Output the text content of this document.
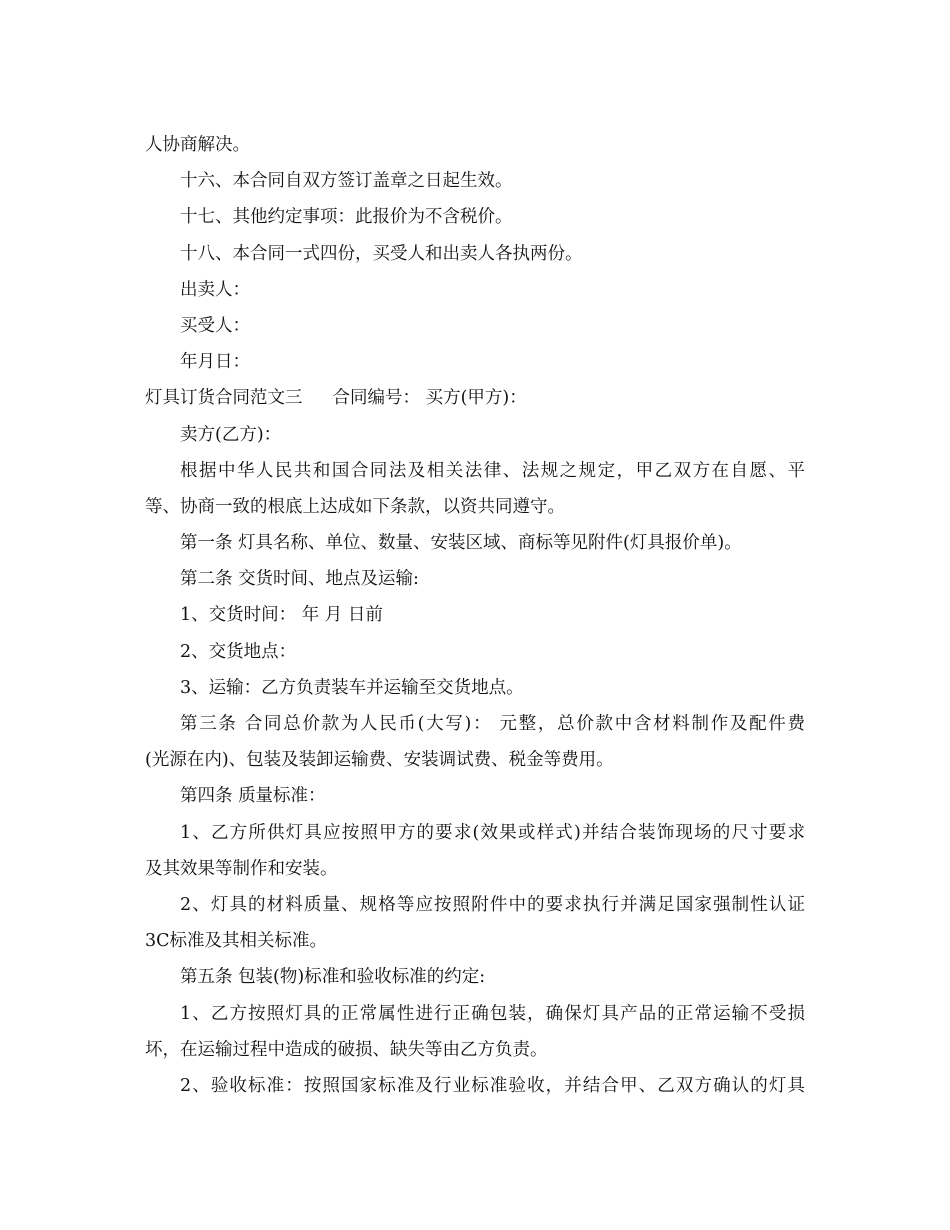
人协商解决。
十六、本合同自双方签订盖章之日起生效。
十七、其他约定事项：此报价为不含税价。
十八、本合同一式四份，买受人和出卖人各执两份。
出卖人：
买受人：
年月日：
灯具订货合同范文三 合同编号： 买方(甲方)：
卖方(乙方)：
根据中华人民共和国合同法及相关法律、法规之规定，甲乙双方在自愿、平
等、协商一致的根底上达成如下条款，以资共同遵守。
第一条 灯具名称、单位、数量、安装区域、商标等见附件(灯具报价单)。
第二条 交货时间、地点及运输:
1、交货时间： 年 月 日前
2、交货地点：
3、运输：乙方负责装车并运输至交货地点。
第三条 合同总价款为人民币(大写)： 元整，总价款中含材料制作及配件费
(光源在内)、包装及装卸运输费、安装调试费、税金等费用。
第四条 质量标准：
1、乙方所供灯具应按照甲方的要求(效果或样式)并结合装饰现场的尺寸要求
及其效果等制作和安装。
2、灯具的材料质量、规格等应按照附件中的要求执行并满足国家强制性认证
3C标准及其相关标准。
第五条 包装(物)标准和验收标准的约定:
1、乙方按照灯具的正常属性进行正确包装，确保灯具产品的正常运输不受损
坏，在运输过程中造成的破损、缺失等由乙方负责。
2、验收标准：按照国家标准及行业标准验收，并结合甲、乙双方确认的灯具
